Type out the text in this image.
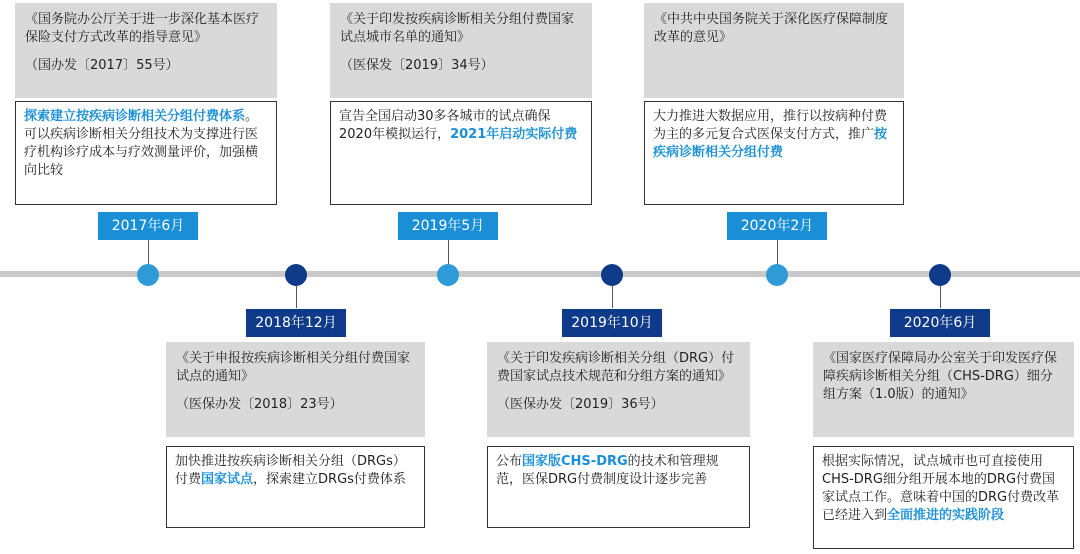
《国务院办公厅关于进一步深化基本医疗保险支付方式改革的指导意见》
（国办发〔2017〕55号）
探索建立按疾病诊断相关分组付费体系。可以疾病诊断相关分组技术为支撑进行医疗机构诊疗成本与疗效测量评价，加强横向比较
2017年6月
2018年12月
《关于申报按疾病诊断相关分组付费国家试点的通知》
（医保办发〔2018〕23号）
加快推进按疾病诊断相关分组（DRGs）付费国家试点，探索建立DRGs付费体系
《关于印发按疾病诊断相关分组付费国家试点城市名单的通知》
（医保发〔2019〕34号）
宣告全国启动30多各城市的试点确保2020年模拟运行，2021年启动实际付费
2019年5月
2019年10月
《关于印发疾病诊断相关分组（DRG）付费国家试点技术规范和分组方案的通知》
（医保办发〔2019〕36号）
公布国家版CHS-DRG的技术和管理规范，医保DRG付费制度设计逐步完善
《中共中央国务院关于深化医疗保障制度改革的意见》
大力推进大数据应用，推行以按病种付费为主的多元复合式医保支付方式，推广按疾病诊断相关分组付费
2020年2月
2020年6月
《国家医疗保障局办公室关于印发医疗保障疾病诊断相关分组（CHS-DRG）细分组方案（1.0版）的通知》
根据实际情况，试点城市也可直接使用CHS-DRG细分组开展本地的DRG付费国家试点工作。意味着中国的DRG付费改革已经进入到全面推进的实践阶段
